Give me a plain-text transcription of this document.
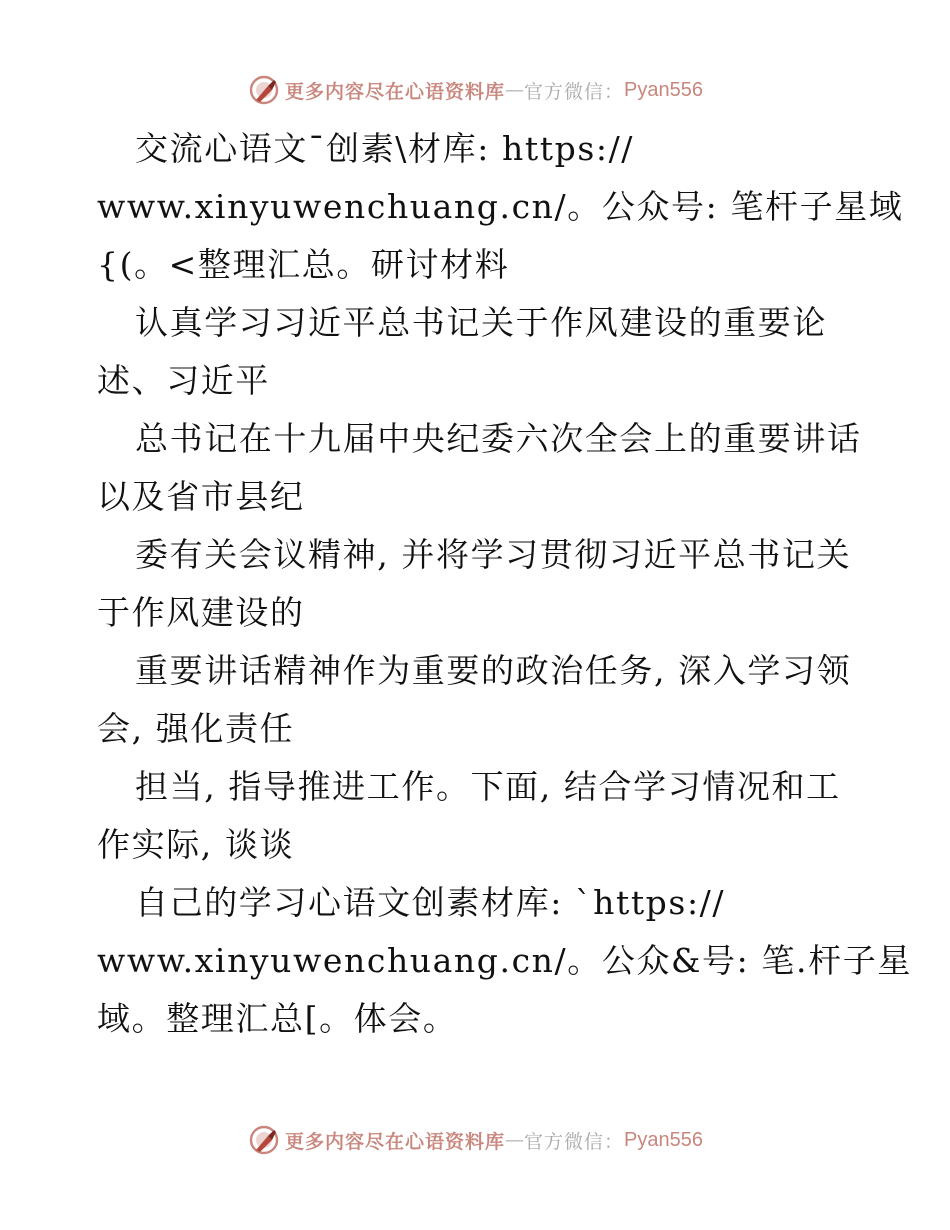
更多内容尽在心语资料库 — 官方微信： Pyan556
交流心语文¯创素\材库: https://
www.xinyuwenchuang.cn/。公众号: 笔杆子星域
{(。<整理汇总。研讨材料
认真学习习近平总书记关于作风建设的重要论
述、习近平
总书记在十九届中央纪委六次全会上的重要讲话
以及省市县纪
委有关会议精神, 并将学习贯彻习近平总书记关
于作风建设的
重要讲话精神作为重要的政治任务, 深入学习领
会, 强化责任
担当, 指导推进工作。下面, 结合学习情况和工
作实际, 谈谈
自己的学习心语文创素材库: `https://
www.xinyuwenchuang.cn/。公众&号: 笔.杆子星
域。整理汇总[。体会。
更多内容尽在心语资料库 — 官方微信： Pyan556
